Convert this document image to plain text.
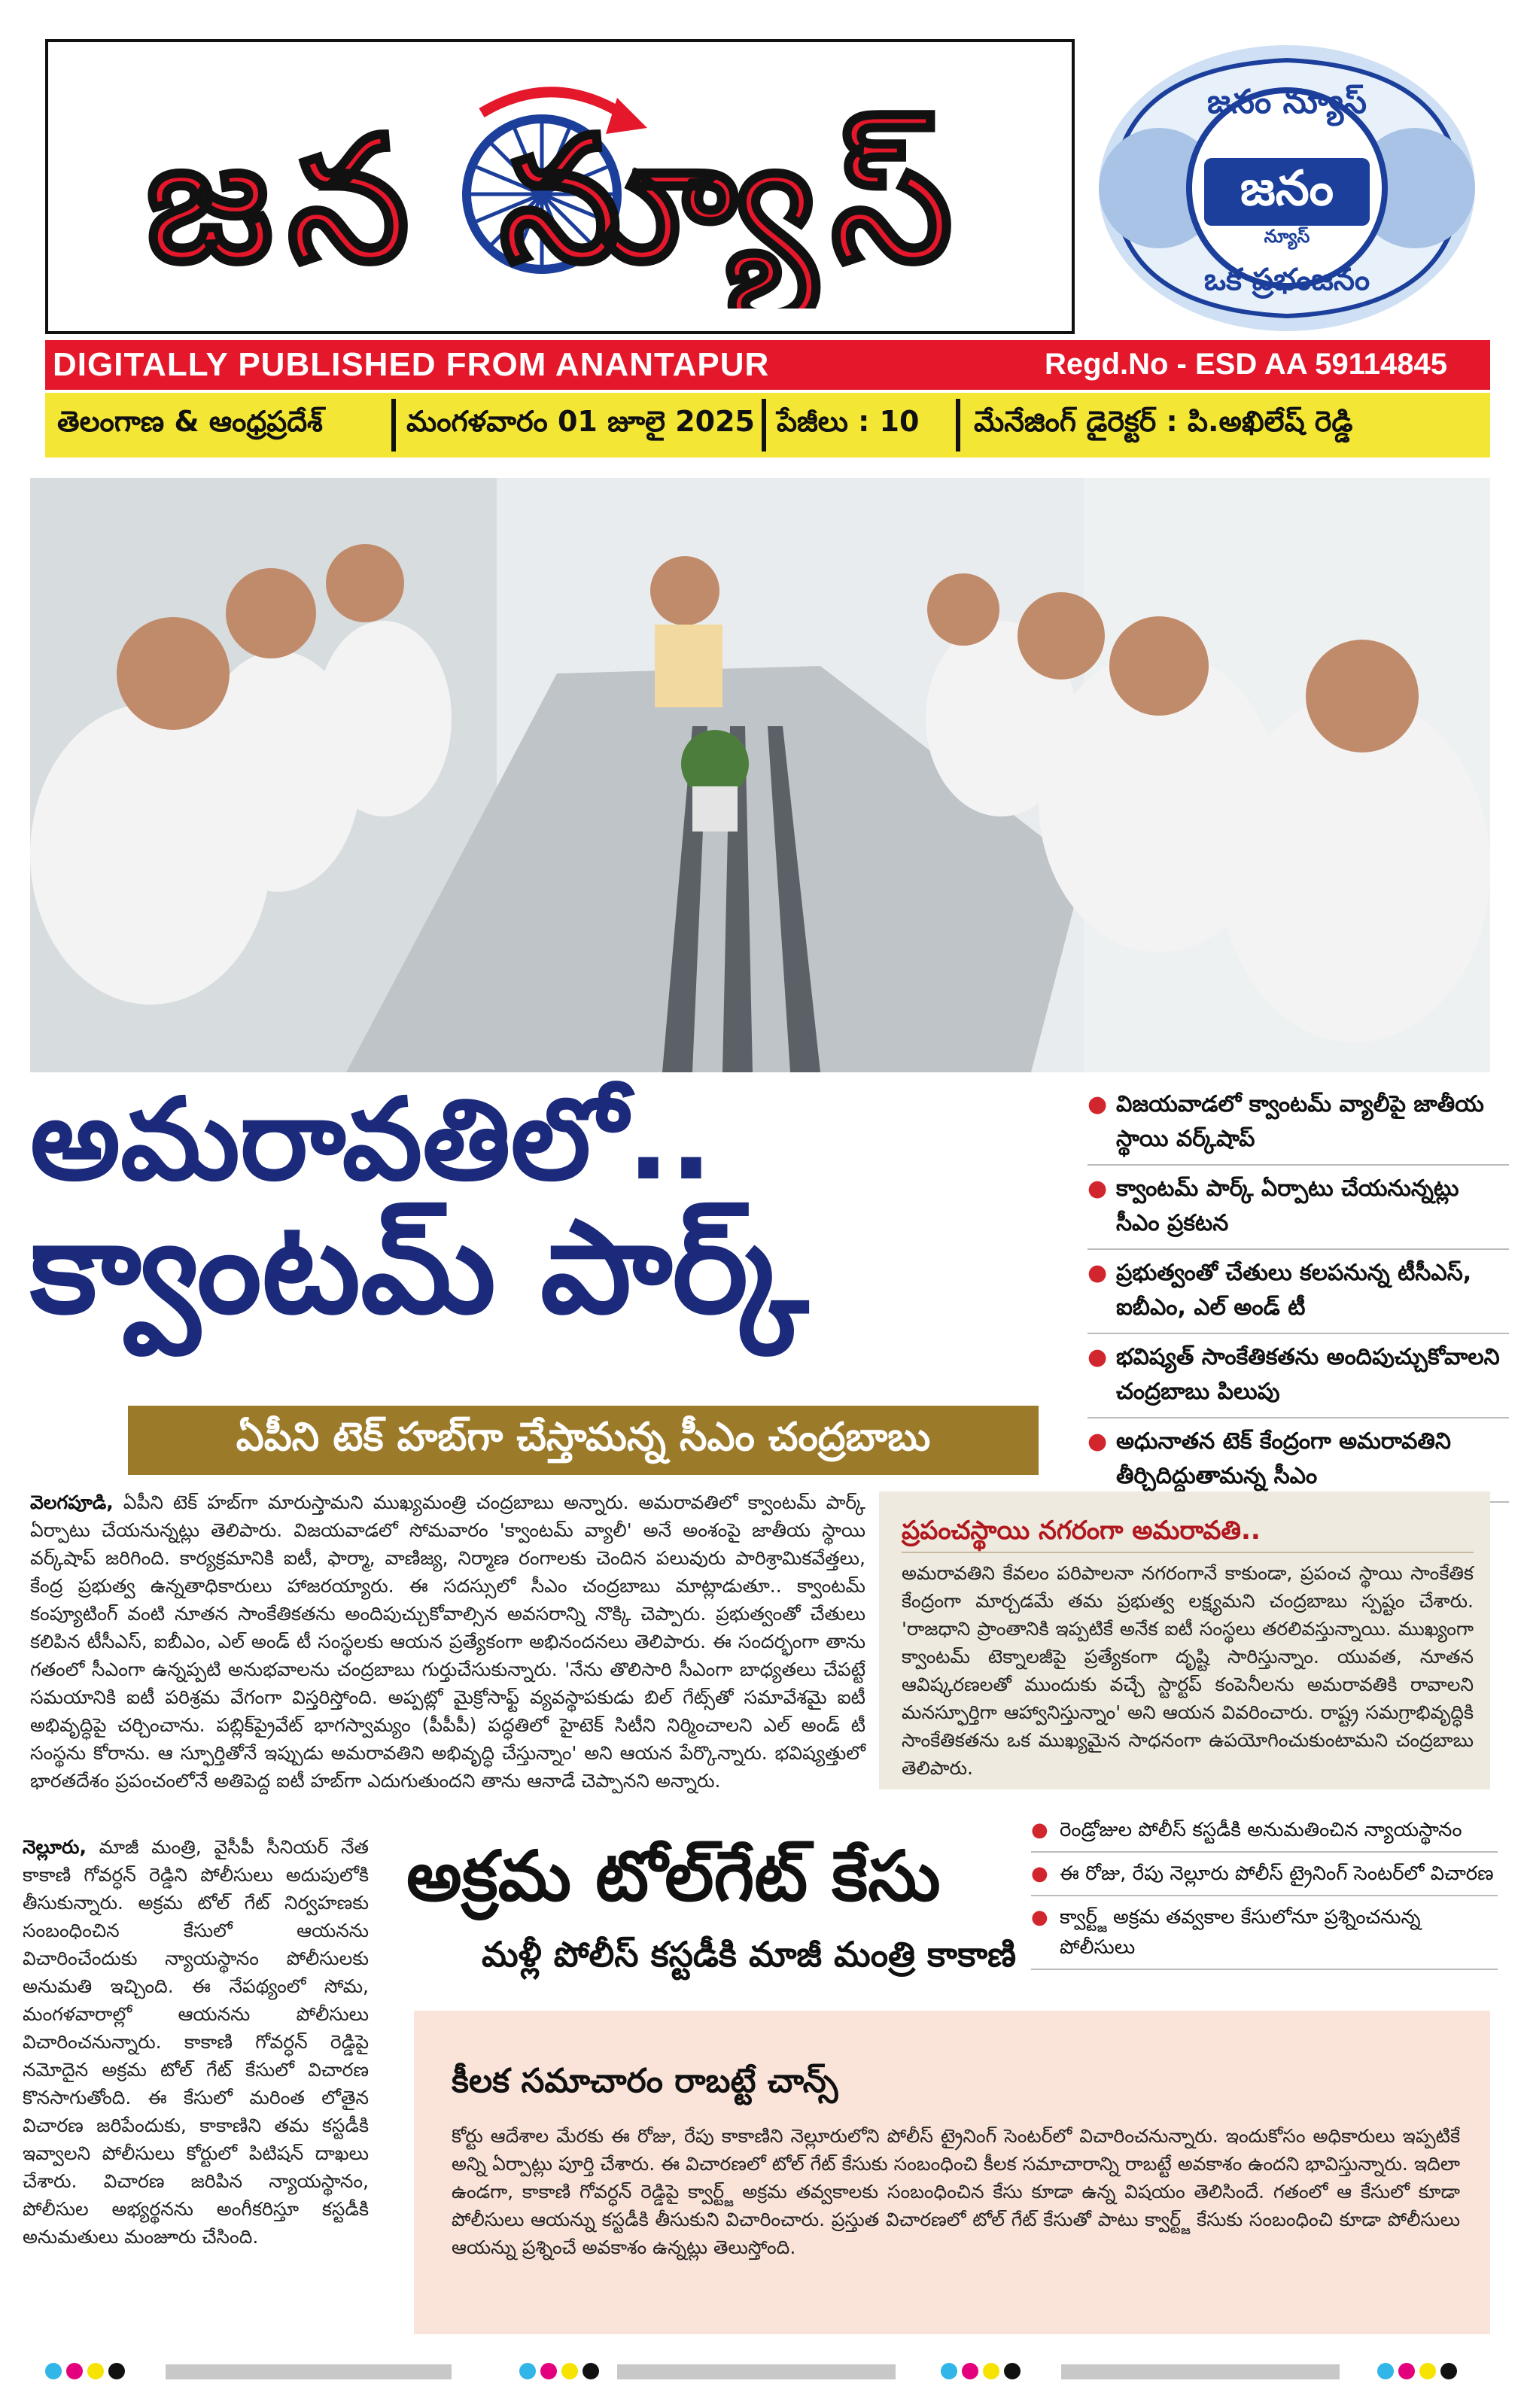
జన న్యూస్	జనం న్యూస్
జనం
న్యూస్
ఒక ప్రభంజనం
DIGITALLY PUBLISHED FROM ANANTAPUR	Regd.No - ESD AA 59114845
తెలంగాణ & ఆంధ్రప్రదేశ్	మంగళవారం 01 జూలై 2025 పేజీలు : 10 మేనేజింగ్ డైరెక్టర్ : పి.అఖిలేష్ రెడ్డి
అమరావతిలో..
క్వాంటమ్ పార్క్
ఏపీని టెక్ హబ్‌గా చేస్తామన్న సీఎం చంద్రబాబు
● విజయవాడలో క్వాంటమ్ వ్యాలీపై జాతీయ స్థాయి వర్క్‌షాప్
● క్వాంటమ్ పార్క్ ఏర్పాటు చేయనున్నట్లు సీఎం ప్రకటన
● ప్రభుత్వంతో చేతులు కలపనున్న టీసీఎస్, ఐబీఎం, ఎల్ అండ్ టీ
● భవిష్యత్ సాంకేతికతను అందిపుచ్చుకోవాలని చంద్రబాబు పిలుపు
● అధునాతన టెక్ కేంద్రంగా అమరావతిని తీర్చిదిద్దుతామన్న సీఎం
వెలగపూడి, ఏపీని టెక్ హబ్‌గా మారుస్తామని ముఖ్యమంత్రి చంద్రబాబు అన్నారు. అమరావతిలో క్వాంటమ్ పార్క్ ఏర్పాటు చేయనున్నట్లు తెలిపారు. విజయవాడలో సోమవారం 'క్వాంటమ్ వ్యాలీ' అనే అంశంపై జాతీయ స్థాయి వర్క్‌షాప్ జరిగింది. కార్యక్రమానికి ఐటీ, ఫార్మా, వాణిజ్య, నిర్మాణ రంగాలకు చెందిన పలువురు పారిశ్రామికవేత్తలు, కేంద్ర ప్రభుత్వ ఉన్నతాధికారులు హాజరయ్యారు. ఈ సదస్సులో సీఎం చంద్రబాబు మాట్లాడుతూ.. క్వాంటమ్ కంప్యూటింగ్ వంటి నూతన సాంకేతికతను అందిపుచ్చుకోవాల్సిన అవసరాన్ని నొక్కి చెప్పారు. ప్రభుత్వంతో చేతులు కలిపిన టీసీఎస్, ఐబీఎం, ఎల్ అండ్ టీ సంస్థలకు ఆయన ప్రత్యేకంగా అభినందనలు తెలిపారు. ఈ సందర్భంగా తాను గతంలో సీఎంగా ఉన్నప్పటి అనుభవాలను చంద్రబాబు గుర్తుచేసుకున్నారు. 'నేను తొలిసారి సీఎంగా బాధ్యతలు చేపట్టే సమయానికి ఐటీ పరిశ్రమ వేగంగా విస్తరిస్తోంది. అప్పట్లో మైక్రోసాఫ్ట్ వ్యవస్థాపకుడు బిల్ గేట్స్‌తో సమావేశమై ఐటీ అభివృద్ధిపై చర్చించాను. పబ్లిక్‌ప్రైవేట్ భాగస్వామ్యం (పీపీపీ) పద్ధతిలో హైటెక్ సిటీని నిర్మించాలని ఎల్ అండ్ టీ సంస్థను కోరాను. ఆ స్ఫూర్తితోనే ఇప్పుడు అమరావతిని అభివృద్ధి చేస్తున్నాం' అని ఆయన పేర్కొన్నారు. భవిష్యత్తులో భారతదేశం ప్రపంచంలోనే అతిపెద్ద ఐటీ హబ్‌గా ఎదుగుతుందని తాను ఆనాడే చెప్పానని అన్నారు.
ప్రపంచస్థాయి నగరంగా అమరావతి..
అమరావతిని కేవలం పరిపాలనా నగరంగానే కాకుండా, ప్రపంచ స్థాయి సాంకేతిక కేంద్రంగా మార్చడమే తమ ప్రభుత్వ లక్ష్యమని చంద్రబాబు స్పష్టం చేశారు. 'రాజధాని ప్రాంతానికి ఇప్పటికే అనేక ఐటీ సంస్థలు తరలివస్తున్నాయి. ముఖ్యంగా క్వాంటమ్ టెక్నాలజీపై ప్రత్యేకంగా దృష్టి సారిస్తున్నాం. యువత, నూతన ఆవిష్కరణలతో ముందుకు వచ్చే స్టార్టప్ కంపెనీలను అమరావతికి రావాలని మనస్ఫూర్తిగా ఆహ్వానిస్తున్నాం' అని ఆయన వివరించారు. రాష్ట్ర సమగ్రాభివృద్ధికి సాంకేతికతను ఒక ముఖ్యమైన సాధనంగా ఉపయోగించుకుంటామని చంద్రబాబు తెలిపారు.
నెల్లూరు, మాజీ మంత్రి, వైసీపీ సీనియర్ నేత కాకాణి గోవర్ధన్ రెడ్డిని పోలీసులు అదుపులోకి తీసుకున్నారు. అక్రమ టోల్ గేట్ నిర్వహణకు సంబంధించిన కేసులో ఆయనను విచారించేందుకు న్యాయస్థానం పోలీసులకు అనుమతి ఇచ్చింది. ఈ నేపథ్యంలో సోమ, మంగళవారాల్లో ఆయనను పోలీసులు విచారించనున్నారు. కాకాణి గోవర్ధన్ రెడ్డిపై నమోదైన అక్రమ టోల్ గేట్ కేసులో విచారణ కొనసాగుతోంది. ఈ కేసులో మరింత లోతైన విచారణ జరిపేందుకు, కాకాణిని తమ కస్టడీకి ఇవ్వాలని పోలీసులు కోర్టులో పిటిషన్ దాఖలు చేశారు. విచారణ జరిపిన న్యాయస్థానం, పోలీసుల అభ్యర్థనను అంగీకరిస్తూ కస్టడీకి అనుమతులు మంజూరు చేసింది.
అక్రమ టోల్‌గేట్ కేసు
మళ్లీ పోలీస్ కస్టడీకి మాజీ మంత్రి కాకాణి
● రెండ్రోజుల పోలీస్ కస్టడీకి అనుమతించిన న్యాయస్థానం
● ఈ రోజు, రేపు నెల్లూరు పోలీస్ ట్రైనింగ్ సెంటర్‌లో విచారణ
● క్వార్ట్జ్ అక్రమ తవ్వకాల కేసులోనూ ప్రశ్నించనున్న పోలీసులు
కీలక సమాచారం రాబట్టే చాన్స్
కోర్టు ఆదేశాల మేరకు ఈ రోజు, రేపు కాకాణిని నెల్లూరులోని పోలీస్ ట్రైనింగ్ సెంటర్‌లో విచారించనున్నారు. ఇందుకోసం అధికారులు ఇప్పటికే అన్ని ఏర్పాట్లు పూర్తి చేశారు. ఈ విచారణలో టోల్ గేట్ కేసుకు సంబంధించి కీలక సమాచారాన్ని రాబట్టే అవకాశం ఉందని భావిస్తున్నారు. ఇదిలా ఉండగా, కాకాణి గోవర్ధన్ రెడ్డిపై క్వార్ట్జ్ అక్రమ తవ్వకాలకు సంబంధించిన కేసు కూడా ఉన్న విషయం తెలిసిందే. గతంలో ఆ కేసులో కూడా పోలీసులు ఆయన్ను కస్టడీకి తీసుకుని విచారించారు. ప్రస్తుత విచారణలో టోల్ గేట్ కేసుతో పాటు క్వార్ట్జ్ కేసుకు సంబంధించి కూడా పోలీసులు ఆయన్ను ప్రశ్నించే అవకాశం ఉన్నట్లు తెలుస్తోంది.
